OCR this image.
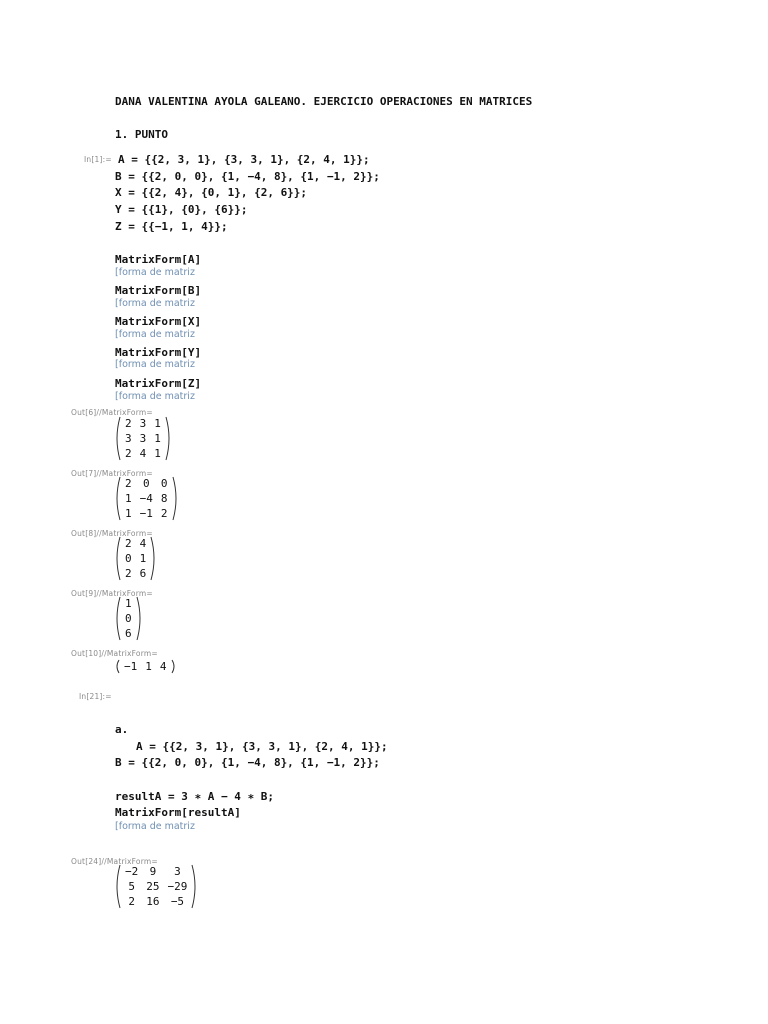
DANA VALENTINA AYOLA GALEANO. EJERCICIO OPERACIONES EN MATRICES
1. PUNTO
In[1]:= A = {{2, 3, 1}, {3, 3, 1}, {2, 4, 1}};
B = {{2, 0, 0}, {1, −4, 8}, {1, −1, 2}};
X = {{2, 4}, {0, 1}, {2, 6}};
Y = {{1}, {0}, {6}};
Z = {{−1, 1, 4}};
MatrixForm[A]
[forma de matriz
MatrixForm[B]
[forma de matriz
MatrixForm[X]
[forma de matriz
MatrixForm[Y]
[forma de matriz
MatrixForm[Z]
[forma de matriz
Out[6]//MatrixForm=
2	3	1
3	3	1
2	4	1
Out[7]//MatrixForm=
2	0	0
1	−4	8
1	−1	2
Out[8]//MatrixForm=
2	4
0	1
2	6
Out[9]//MatrixForm=
1
0
6
Out[10]//MatrixForm=
−1	1	4
In[21]:=
a.
A = {{2, 3, 1}, {3, 3, 1}, {2, 4, 1}};
B = {{2, 0, 0}, {1, −4, 8}, {1, −1, 2}};
resultA = 3 ∗ A − 4 ∗ B;
MatrixForm[resultA]
[forma de matriz
Out[24]//MatrixForm=
−2	9	3
5	25	−29
2	16	−5
